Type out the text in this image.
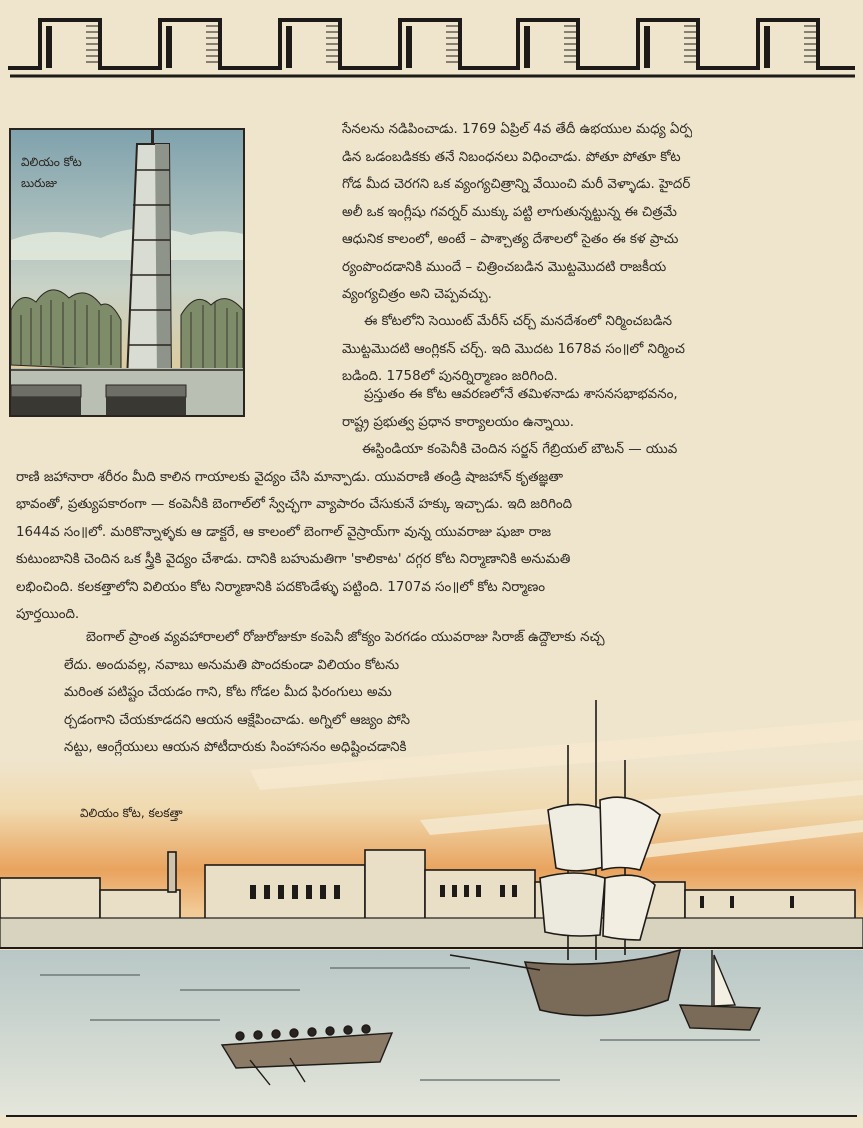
విలియం కోట బురుజు
సేనలను నడిపించాడు. 1769 ఏప్రిల్ 4వ తేదీ ఉభయుల మధ్య ఏర్ప
డిన ఒడంబడికకు తనే నిబంధనలు విధించాడు. పోతూ పోతూ కోట
గోడ మీద చెరగని ఒక వ్యంగ్యచిత్రాన్ని వేయించి మరీ వెళ్ళాడు. హైదర్
అలీ ఒక ఇంగ్లీషు గవర్నర్ ముక్కు పట్టి లాగుతున్నట్టున్న ఈ చిత్రమే
ఆధునిక కాలంలో, అంటే – పాశ్చాత్య దేశాలలో సైతం ఈ కళ ప్రాచు
ర్యంపొందడానికి ముందే – చిత్రించబడిన మొట్టమొదటి రాజకీయ
వ్యంగ్యచిత్రం అని చెప్పవచ్చు.
ఈ కోటలోని సెయింట్ మేరీస్ చర్చ్ మనదేశంలో నిర్మించబడిన
మొట్టమొదటి ఆంగ్లికన్ చర్చ్. ఇది మొదట 1678వ సం॥లో నిర్మించ
బడింది. 1758లో పునర్నిర్మాణం జరిగింది.
ప్రస్తుతం ఈ కోట ఆవరణలోనే తమిళనాడు శాసనసభాభవనం,
రాష్ట్ర ప్రభుత్వ ప్రధాన కార్యాలయం ఉన్నాయి.
ఈస్టిండియా కంపెనీకి చెందిన సర్జన్ గేబ్రియల్ బౌటన్ — యువ
రాణి జహానారా శరీరం మీది కాలిన గాయాలకు వైద్యం చేసి మాన్పాడు. యువరాణి తండ్రి షాజహాన్ కృతజ్ఞతా
భావంతో, ప్రత్యుపకారంగా — కంపెనీకి బెంగాల్‌లో స్వేచ్ఛగా వ్యాపారం చేసుకునే హక్కు ఇచ్చాడు. ఇది జరిగింది
1644వ సం॥లో. మరికొన్నాళ్ళకు ఆ డాక్టరే, ఆ కాలంలో బెంగాల్ వైస్రాయ్‌గా వున్న యువరాజు షుజా రాజ
కుటుంబానికి చెందిన ఒక స్త్రీకి వైద్యం చేశాడు. దానికి బహుమతిగా 'కాలికాట' దగ్గర కోట నిర్మాణానికి అనుమతి
లభించింది. కలకత్తాలోని విలియం కోట నిర్మాణానికి పదకొండేళ్ళు పట్టింది. 1707వ సం॥లో కోట నిర్మాణం
పూర్తయింది.
బెంగాల్ ప్రాంత వ్యవహారాలలో రోజురోజుకూ కంపెనీ జోక్యం పెరగడం యువరాజు సిరాజ్ ఉద్దౌలాకు నచ్చ
లేదు. అందువల్ల, నవాబు అనుమతి పొందకుండా విలియం కోటను
మరింత పటిష్టం చేయడం గాని, కోట గోడల మీద ఫిరంగులు అమ
ర్చడంగాని చేయకూడదని ఆయన ఆక్షేపించాడు. అగ్నిలో ఆజ్యం పోసి
నట్టు, ఆంగ్లేయులు ఆయన పోటీదారుకు సింహాసనం అధిష్టించడానికి
విలియం కోట, కలకత్తా
